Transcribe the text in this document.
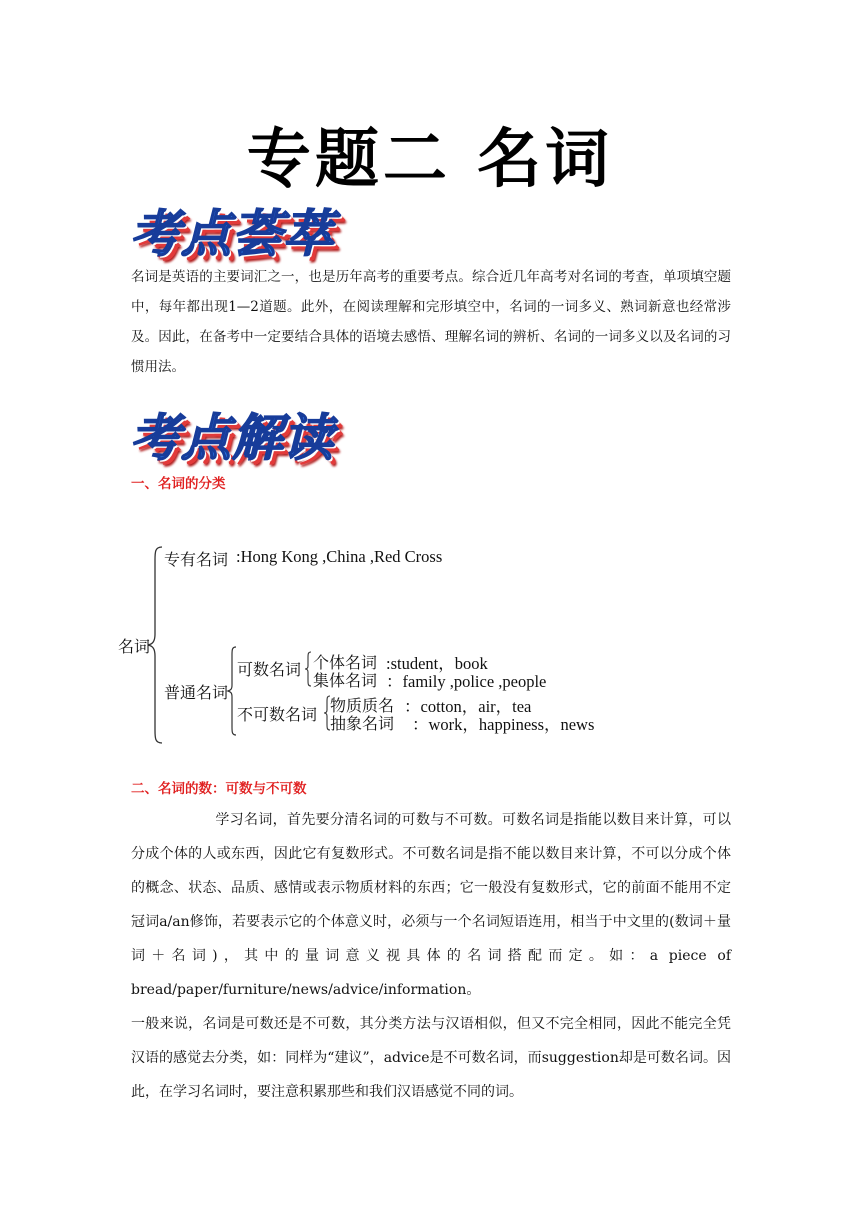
专题二 名词
考点荟萃

名词是英语的主要词汇之一，也是历年高考的重要考点。综合近几年高考对名词的考查，单项填空题中，每年都出现1—2道题。此外，在阅读理解和完形填空中，名词的一词多义、熟词新意也经常涉及。因此，在备考中一定要结合具体的语境去感悟、理解名词的辨析、名词的一词多义以及名词的习惯用法。

考点解读
一、名词的分类
名词
专有名词 :Hong Kong ,China ,Red Cross
普通名词
可数名词 个体名词 :student，book
集体名词 ：family ,police ,people
不可数名词 物质质名 ：cotton，air，tea
抽象名词 ：work，happiness，news
二、名词的数：可数与不可数

学习名词，首先要分清名词的可数与不可数。可数名词是指能以数目来计算，可以分成个体的人或东西，因此它有复数形式。不可数名词是指不能以数目来计算，不可以分成个体的概念、状态、品质、感情或表示物质材料的东西；它一般没有复数形式，它的前面不能用不定冠词a/an修饰，若要表示它的个体意义时，必须与一个名词短语连用，相当于中文里的(数词＋量词＋名词)，其中的量词意义视具体的名词搭配而定。如：a piece of bread/paper/furniture/news/advice/information。

一般来说，名词是可数还是不可数，其分类方法与汉语相似，但又不完全相同，因此不能完全凭汉语的感觉去分类，如：同样为“建议”，advice是不可数名词，而suggestion却是可数名词。因此，在学习名词时，要注意积累那些和我们汉语感觉不同的词。
